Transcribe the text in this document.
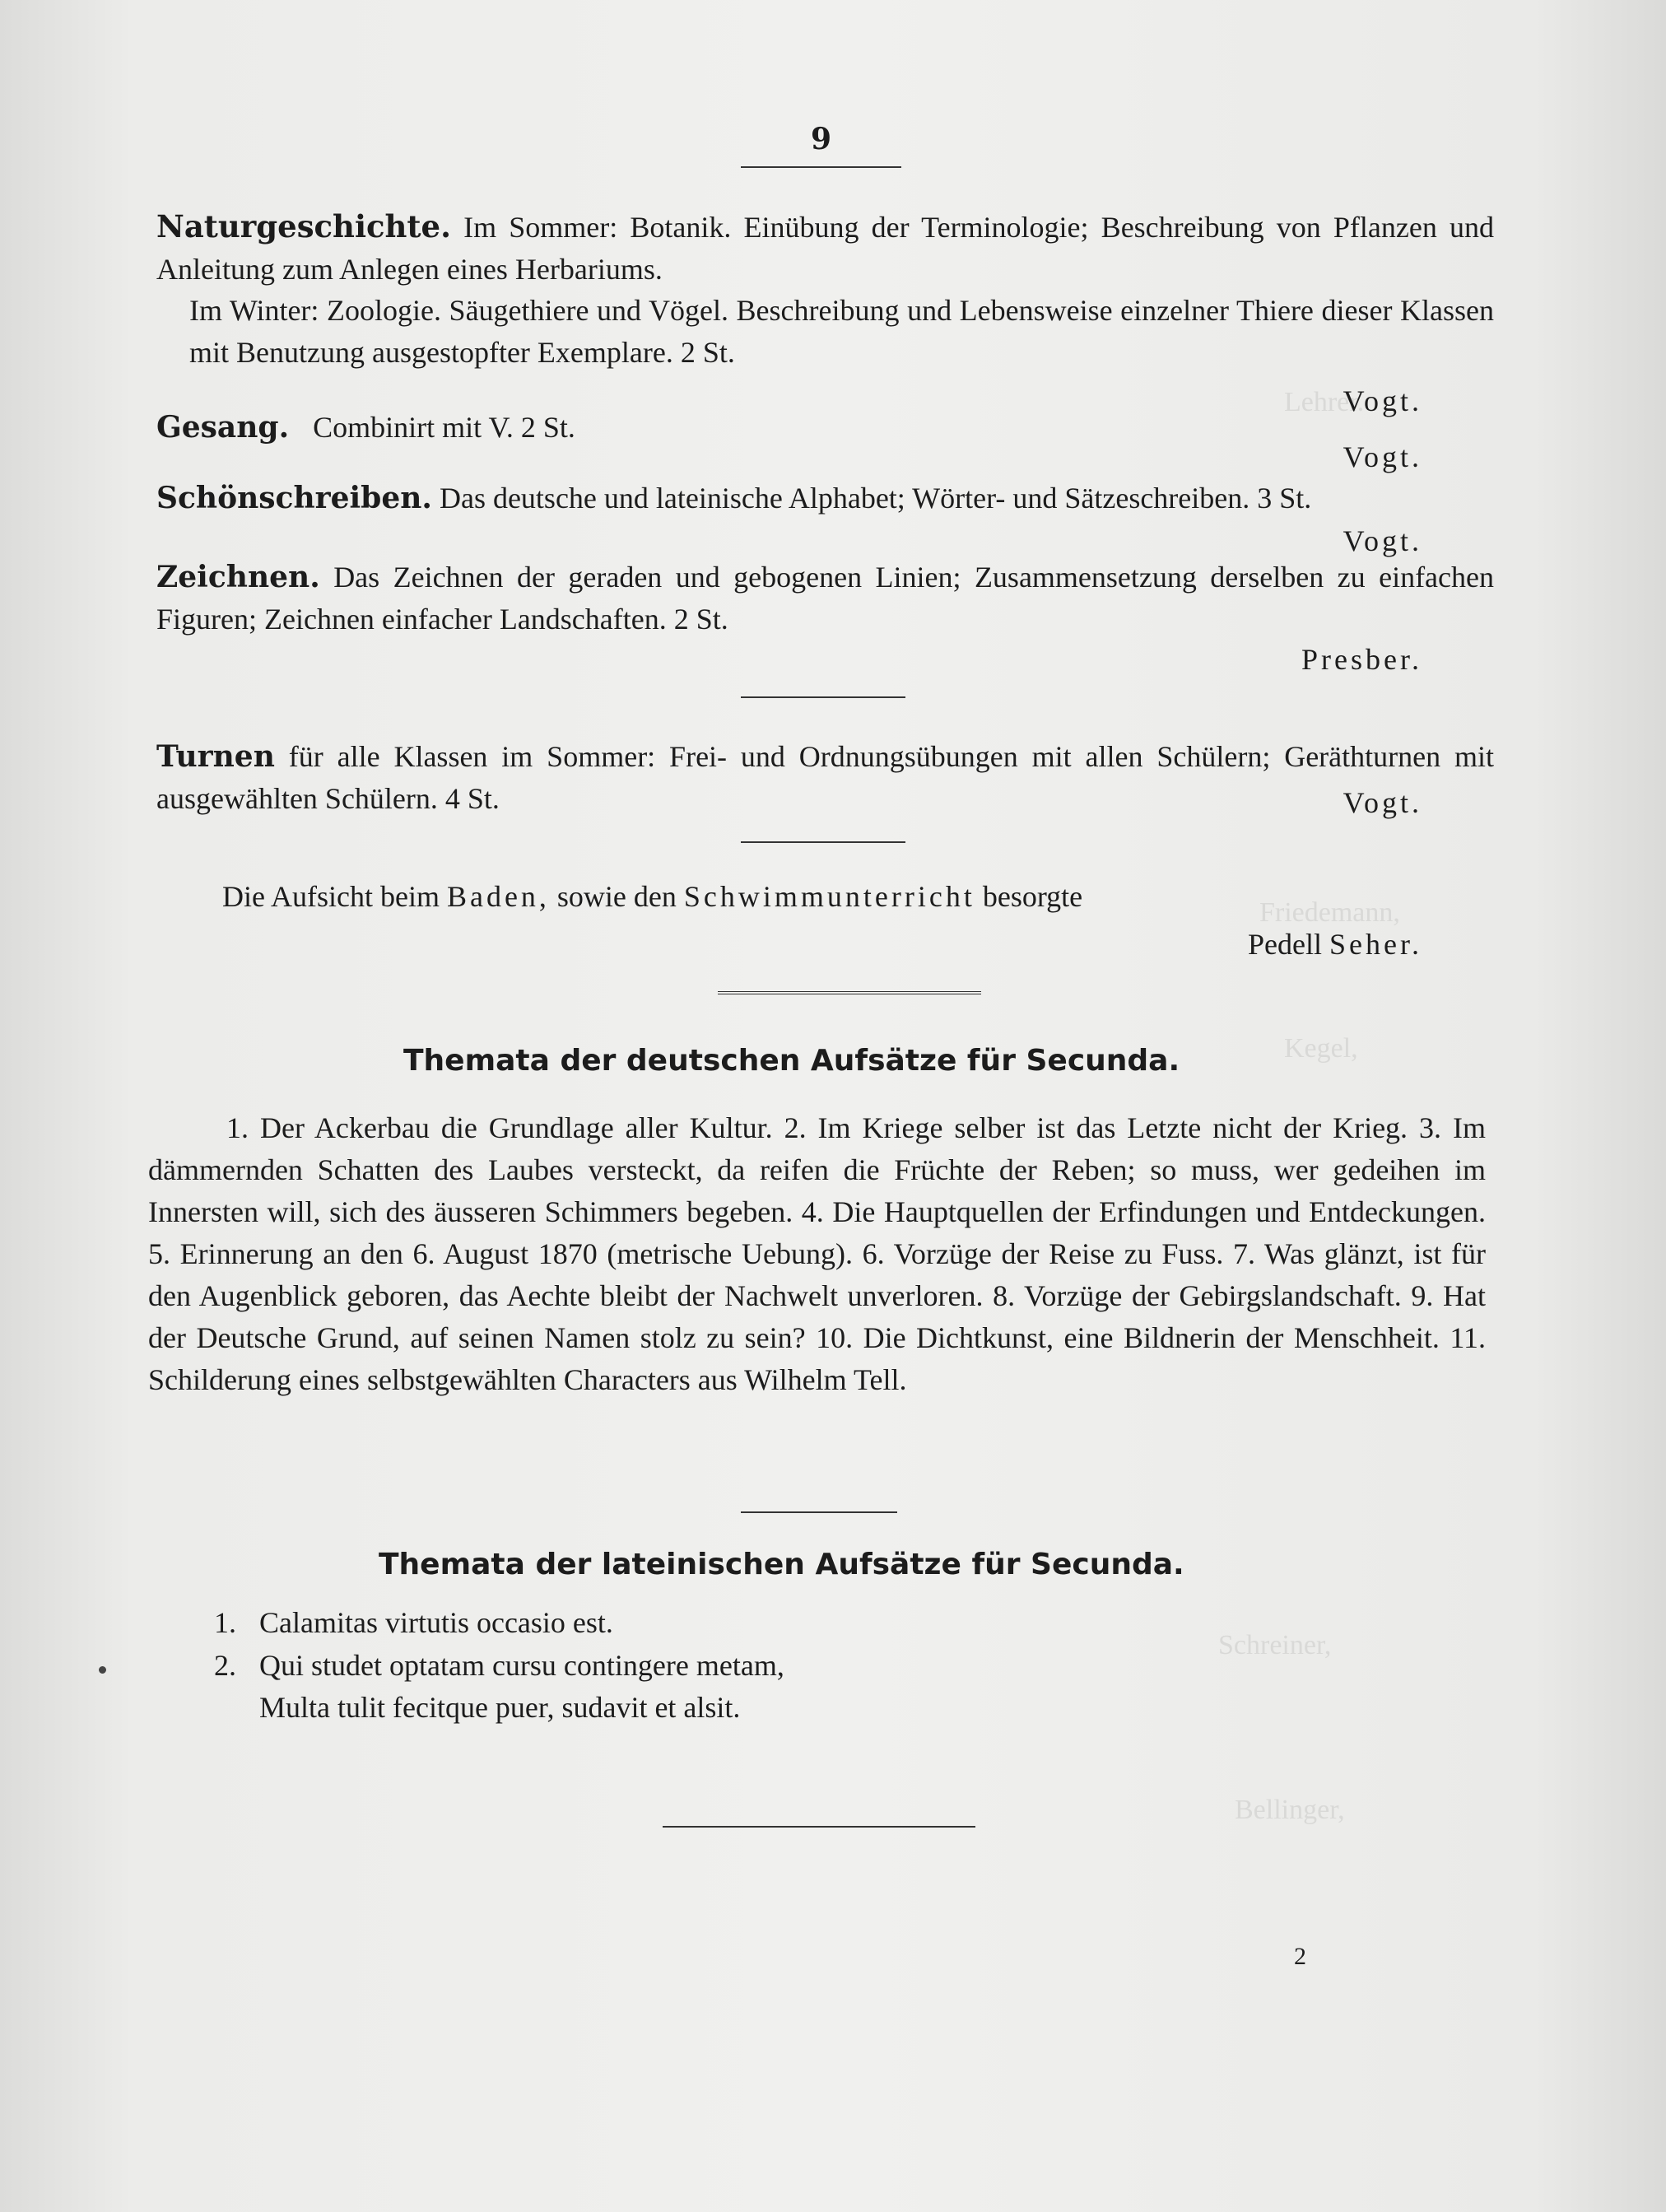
Lehrer.
Friedemann,
Kegel,
Schreiner,
Bellinger,
9

Naturgeschichte. Im Sommer: Botanik. Einübung der Terminologie; Beschreibung von Pflanzen und Anleitung zum Anlegen eines Herbariums.

Im Winter: Zoologie. Säugethiere und Vögel. Beschreibung und Lebensweise einzelner Thiere dieser Klassen mit Benutzung ausgestopfter Exemplare. 2 St.

Vogt.
Gesang. Combinirt mit V. 2 St.
Vogt.

Schönschreiben. Das deutsche und lateinische Alphabet; Wörter- und Sätzeschreiben. 3 St.

Vogt.

Zeichnen. Das Zeichnen der geraden und gebogenen Linien; Zusammensetzung derselben zu einfachen Figuren; Zeichnen einfacher Landschaften. 2 St.

Presber.

Turnen für alle Klassen im Sommer: Frei- und Ordnungsübungen mit allen Schülern; Geräthturnen mit ausgewählten Schülern. 4 St.	Vogt.
Die Aufsicht beim Baden, sowie den Schwimmunterricht besorgte
Pedell Seher.
Themata der deutschen Aufsätze für Secunda.

1. Der Ackerbau die Grundlage aller Kultur. 2. Im Kriege selber ist das Letzte nicht der Krieg. 3. Im dämmernden Schatten des Laubes versteckt, da reifen die Früchte der Reben; so muss, wer gedeihen im Innersten will, sich des äusseren Schimmers begeben. 4. Die Hauptquellen der Erfindungen und Entdeckungen. 5. Erinnerung an den 6. August 1870 (metrische Uebung). 6. Vorzüge der Reise zu Fuss. 7. Was glänzt, ist für den Augenblick geboren, das Aechte bleibt der Nachwelt unverloren. 8. Vorzüge der Gebirgslandschaft. 9. Hat der Deutsche Grund, auf seinen Namen stolz zu sein? 10. Die Dichtkunst, eine Bildnerin der Menschheit. 11. Schilderung eines selbstgewählten Characters aus Wilhelm Tell.

Themata der lateinischen Aufsätze für Secunda.
1. Calamitas virtutis occasio est.
2. Qui studet optatam cursu contingere metam,
Multa tulit fecitque puer, sudavit et alsit.
2
